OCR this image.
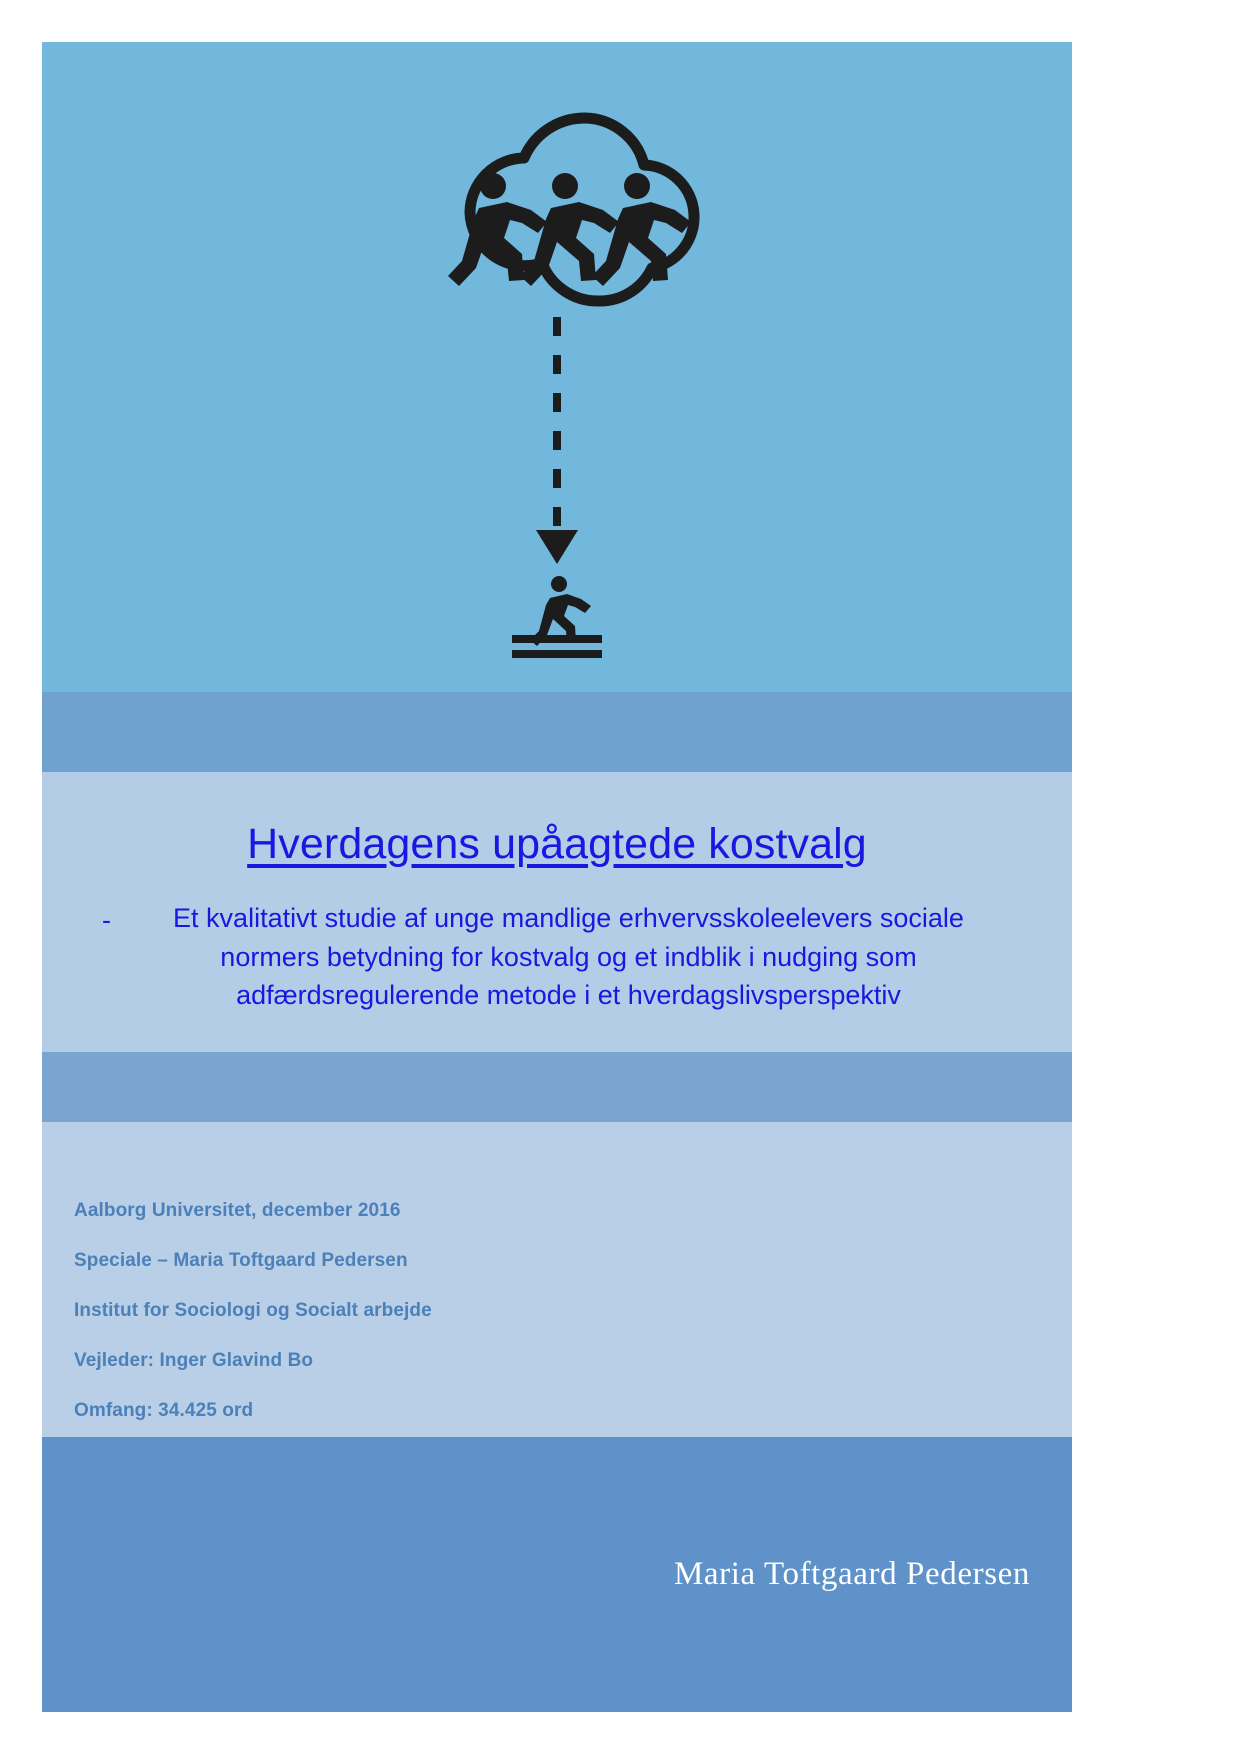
Hverdagens upåagtede kostvalg
-	Et kvalitativt studie af unge mandlige erhvervsskoleelevers sociale normers betydning for kostvalg og et indblik i nudging som adfærdsregulerende metode i et hverdagslivsperspektiv
Aalborg Universitet, december 2016
Speciale – Maria Toftgaard Pedersen
Institut for Sociologi og Socialt arbejde
Vejleder: Inger Glavind Bo
Omfang: 34.425 ord
Maria Toftgaard Pedersen
